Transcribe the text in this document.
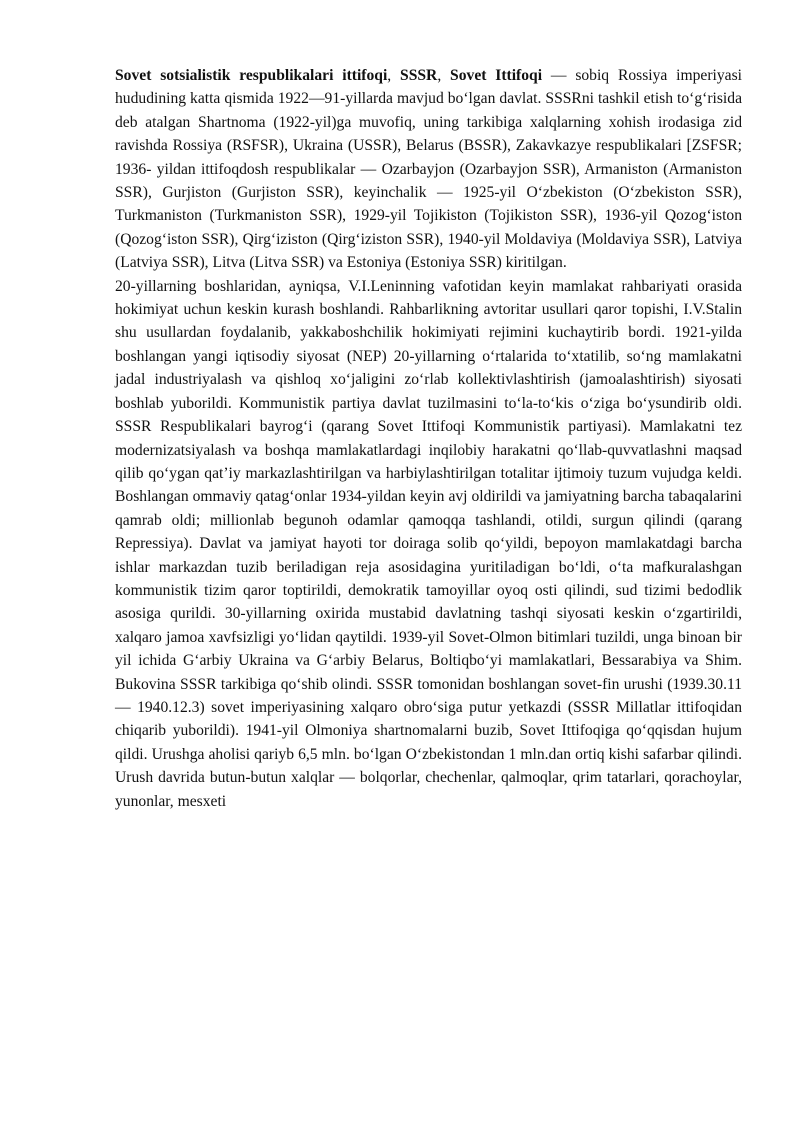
Sovet sotsialistik respublikalari ittifoqi, SSSR, Sovet Ittifoqi — sobiq Rossiya imperiyasi hududining katta qismida 1922—91-yillarda mavjud boʻlgan davlat. SSSRni tashkil etish toʻgʻrisida deb atalgan Shartnoma (1922-yil)ga muvofiq, uning tarkibiga xalqlarning xohish irodasiga zid ravishda Rossiya (RSFSR), Ukraina (USSR), Belarus (BSSR), Zakavkazye respublikalari [ZSFSR; 1936- yildan ittifoqdosh respublikalar — Ozarbayjon (Ozarbayjon SSR), Armaniston (Armaniston SSR), Gurjiston (Gurjiston SSR), keyinchalik — 1925-yil Oʻzbekiston (Oʻzbekiston SSR), Turkmaniston (Turkmaniston SSR), 1929-yil Tojikiston (Tojikiston SSR), 1936-yil Qozogʻiston (Qozogʻiston SSR), Qirgʻiziston (Qirgʻiziston SSR), 1940-yil Moldaviya (Moldaviya SSR), Latviya (Latviya SSR), Litva (Litva SSR) va Estoniya (Estoniya SSR) kiritilgan.

20-yillarning boshlaridan, ayniqsa, V.I.Leninning vafotidan keyin mamlakat rahbariyati orasida hokimiyat uchun keskin kurash boshlandi. Rahbarlikning avtoritar usullari qaror topishi, I.V.Stalin shu usullardan foydalanib, yakkaboshchilik hokimiyati rejimini kuchaytirib bordi. 1921-yilda boshlangan yangi iqtisodiy siyosat (NEP) 20-yillarning oʻrtalarida toʻxtatilib, soʻng mamlakatni jadal industriyalash va qishloq xoʻjaligini zoʻrlab kollektivlashtirish (jamoalashtirish) siyosati boshlab yuborildi. Kommunistik partiya davlat tuzilmasini toʻla-toʻkis oʻziga boʻysundirib oldi. SSSR Respublikalari bayrogʻi (qarang Sovet Ittifoqi Kommunistik partiyasi). Mamlakatni tez modernizatsiyalash va boshqa mamlakatlardagi inqilobiy harakatni qoʻllab-quvvatlashni maqsad qilib qoʻygan qatʼiy markazlashtirilgan va harbiylashtirilgan totalitar ijtimoiy tuzum vujudga keldi. Boshlangan ommaviy qatagʻonlar 1934-yildan keyin avj oldirildi va jamiyatning barcha tabaqalarini qamrab oldi; millionlab begunoh odamlar qamoqqa tashlandi, otildi, surgun qilindi (qarang Repressiya). Davlat va jamiyat hayoti tor doiraga solib qoʻyildi, bepoyon mamlakatdagi barcha ishlar markazdan tuzib beriladigan reja asosidagina yuritiladigan boʻldi, oʻta mafkuralashgan kommunistik tizim qaror toptirildi, demokratik tamoyillar oyoq osti qilindi, sud tizimi bedodlik asosiga qurildi. 30-yillarning oxirida mustabid davlatning tashqi siyosati keskin oʻzgartirildi, xalqaro jamoa xavfsizligi yoʻlidan qaytildi. 1939-yil Sovet-Olmon bitimlari tuzildi, unga binoan bir yil ichida Gʻarbiy Ukraina va Gʻarbiy Belarus, Boltiqboʻyi mamlakatlari, Bessarabiya va Shim. Bukovina SSSR tarkibiga qoʻshib olindi. SSSR tomonidan boshlangan sovet-fin urushi (1939.30.11 — 1940.12.3) sovet imperiyasining xalqaro obroʻsiga putur yetkazdi (SSSR Millatlar ittifoqidan chiqarib yuborildi). 1941-yil Olmoniya shartnomalarni buzib, Sovet Ittifoqiga qoʻqqisdan hujum qildi. Urushga aholisi qariyb 6,5 mln. boʻlgan Oʻzbekistondan 1 mln.dan ortiq kishi safarbar qilindi. Urush davrida butun-butun xalqlar — bolqorlar, chechenlar, qalmoqlar, qrim tatarlari, qorachoylar, yunonlar, mesxeti
